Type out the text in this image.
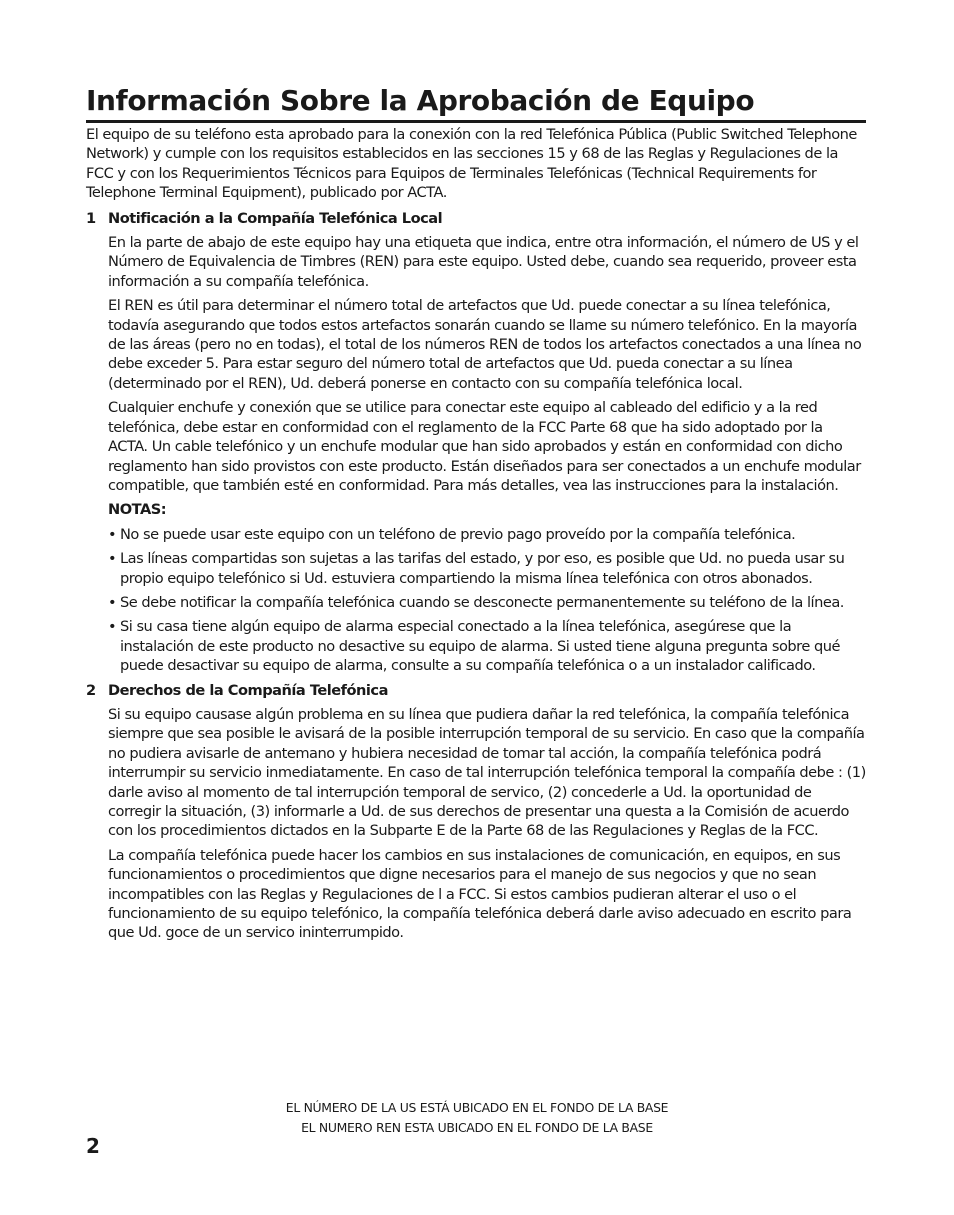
Información Sobre la Aprobación de Equipo

El equipo de su teléfono esta aprobado para la conexión con la red Telefónica Pública (Public Switched Telephone Network) y cumple con los requisitos establecidos en las secciones 15 y 68 de las Reglas y Regulaciones de la FCC y con los Requerimientos Técnicos para Equipos de Terminales Telefónicas (Technical Requirements for Telephone Terminal Equipment), publicado por ACTA.

1 Notificación a la Compañía Telefónica Local

En la parte de abajo de este equipo hay una etiqueta que indica, entre otra información, el número de US y el Número de Equivalencia de Timbres (REN) para este equipo. Usted debe, cuando sea requerido, proveer esta información a su compañía telefónica.

El REN es útil para determinar el número total de artefactos que Ud. puede conectar a su línea telefónica, todavía asegurando que todos estos artefactos sonarán cuando se llame su número telefónico. En la mayoría de las áreas (pero no en todas), el total de los números REN de todos los artefactos conectados a una línea no debe exceder 5. Para estar seguro del número total de artefactos que Ud. pueda conectar a su línea (determinado por el REN), Ud. deberá ponerse en contacto con su compañía telefónica local.

Cualquier enchufe y conexión que se utilice para conectar este equipo al cableado del edificio y a la red telefónica, debe estar en conformidad con el reglamento de la FCC Parte 68 que ha sido adoptado por la ACTA. Un cable telefónico y un enchufe modular que han sido aprobados y están en conformidad con dicho reglamento han sido provistos con este producto. Están diseñados para ser conectados a un enchufe modular compatible, que también esté en conformidad. Para más detalles, vea las instrucciones para la instalación.

NOTAS:

• No se puede usar este equipo con un teléfono de previo pago proveído por la compañía telefónica.
• Las líneas compartidas son sujetas a las tarifas del estado, y por eso, es posible que Ud. no pueda usar su propio equipo telefónico si Ud. estuviera compartiendo la misma línea telefónica con otros abonados.
• Se debe notificar la compañía telefónica cuando se desconecte permanentemente su teléfono de la línea.
• Si su casa tiene algún equipo de alarma especial conectado a la línea telefónica, asegúrese que la instalación de este producto no desactive su equipo de alarma. Si usted tiene alguna pregunta sobre qué puede desactivar su equipo de alarma, consulte a su compañía telefónica o a un instalador calificado.
2 Derechos de la Compañía Telefónica

Si su equipo causase algún problema en su línea que pudiera dañar la red telefónica, la compañía telefónica siempre que sea posible le avisará de la posible interrupción temporal de su servicio. En caso que la compañía no pudiera avisarle de antemano y hubiera necesidad de tomar tal acción, la compañía telefónica podrá interrumpir su servicio inmediatamente. En caso de tal interrupción telefónica temporal la compañía debe : (1) darle aviso al momento de tal interrupción temporal de servico, (2) concederle a Ud. la oportunidad de corregir la situación, (3) informarle a Ud. de sus derechos de presentar una questa a la Comisión de acuerdo con los procedimientos dictados en la Subparte E de la Parte 68 de las Regulaciones y Reglas de la FCC.

La compañía telefónica puede hacer los cambios en sus instalaciones de comunicación, en equipos, en sus funcionamientos o procedimientos que digne necesarios para el manejo de sus negocios y que no sean incompatibles con las Reglas y Regulaciones de l a FCC. Si estos cambios pudieran alterar el uso o el funcionamiento de su equipo telefónico, la compañía telefónica deberá darle aviso adecuado en escrito para que Ud. goce de un servico ininterrumpido.

EL NÚMERO DE LA US ESTÁ UBICADO EN EL FONDO DE LA BASE
EL NUMERO REN ESTA UBICADO EN EL FONDO DE LA BASE
2
